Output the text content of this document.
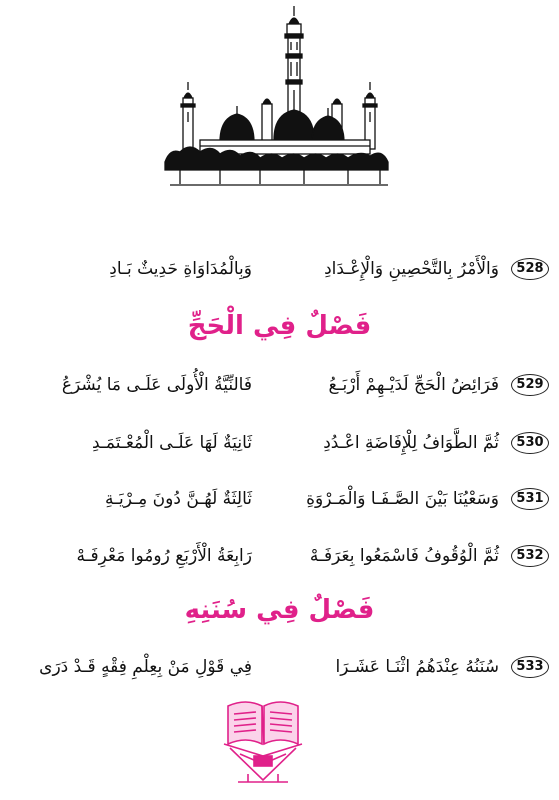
528
وَالْأَمْرُ بِالتَّحْصِينِ وَالْإِعْـدَادِ
وَبِالْمُدَاوَاةِ حَدِيثٌ بَـادِ
فَصْلٌ فِي الْحَجِّ
529
فَرَائِضُ الْحَجِّ لَدَيْـهِمْ أَرْبَـعُ
فَالنِّيَّةُ الْأُولَى عَلَـى مَا يُشْرَعُ
530
ثُمَّ الطَّوَافُ لِلْإِفَاضَةِ اعْـدُدِ
ثَانِيَةٌ لَهَا عَلَـى الْمُعْـتَمَـدِ
531
وَسَعْيُنَا بَيْنَ الصَّـفَـا وَالْمَـرْوَةِ
ثَالِثَةٌ لَهُـنَّ دُونَ مِـرْيَـةِ
532
ثُمَّ الْوُقُوفُ فَاسْمَعُوا بِعَرَفَـهْ
رَابِعَةُ الْأَرْبَعِ رُومُوا مَعْرِفَـهْ
فَصْلٌ فِي سُنَنِهِ
533
سُنَنُهُ عِنْدَهُمُ اثْنَـا عَشَـرَا
فِي قَوْلِ مَنْ بِعِلْمِ فِقْهٍ قَـدْ دَرَى
